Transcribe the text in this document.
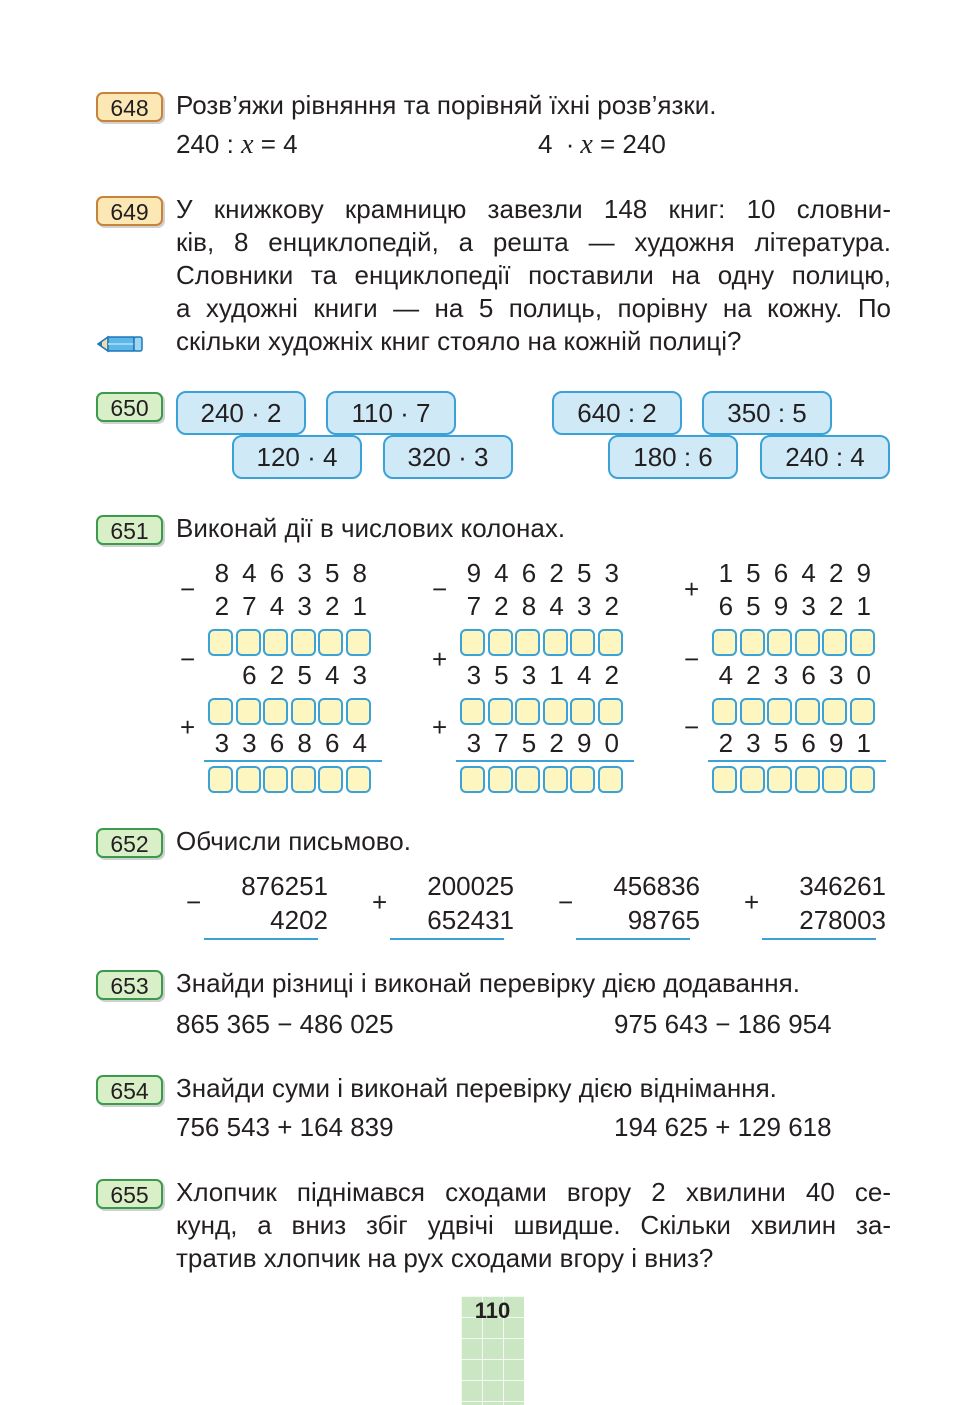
648	Розв’яжи рівняння та порівняй їхні розв’язки.
240 : x = 4	4 · x = 240
649	У книжкову крамницю завезли 148 книг: 10 словни-
ків, 8 енциклопедій, а решта — художня література.
Словники та енциклопедії поставили на одну полицю,
а художні книги — на 5 полиць, порівну на кожну. По
скільки художніх книг стояло на кожній полиці?
650	240 · 2	110 · 7
120 · 4	320 · 3
640 : 2	350 : 5
180 : 6	240 : 4
651	Виконай дії в числових колонах.
−
8 4 6 3 5 8
2 7 4 3 2 1
−
6 2 5 4 3
+
3 3 6 8 6 4
−
9 4 6 2 5 3
7 2 8 4 3 2
+
3 5 3 1 4 2
+
3 7 5 2 9 0
+
1 5 6 4 2 9
6 5 9 3 2 1
−
4 2 3 6 3 0
−
2 3 5 6 9 1
652	Обчисли письмово.
−
876251
4202
+
200025
652431
−
456836
98765
+
346261
278003
653	Знайди різниці і виконай перевірку дією додавання.
865 365 − 486 025	975 643 − 186 954
654	Знайди суми і виконай перевірку дією віднімання.
756 543 + 164 839	194 625 + 129 618
655	Хлопчик піднімався сходами вгору 2 хвилини 40 се-
кунд, а вниз збіг удвічі швидше. Скільки хвилин за-
тратив хлопчик на рух сходами вгору і вниз?
110
